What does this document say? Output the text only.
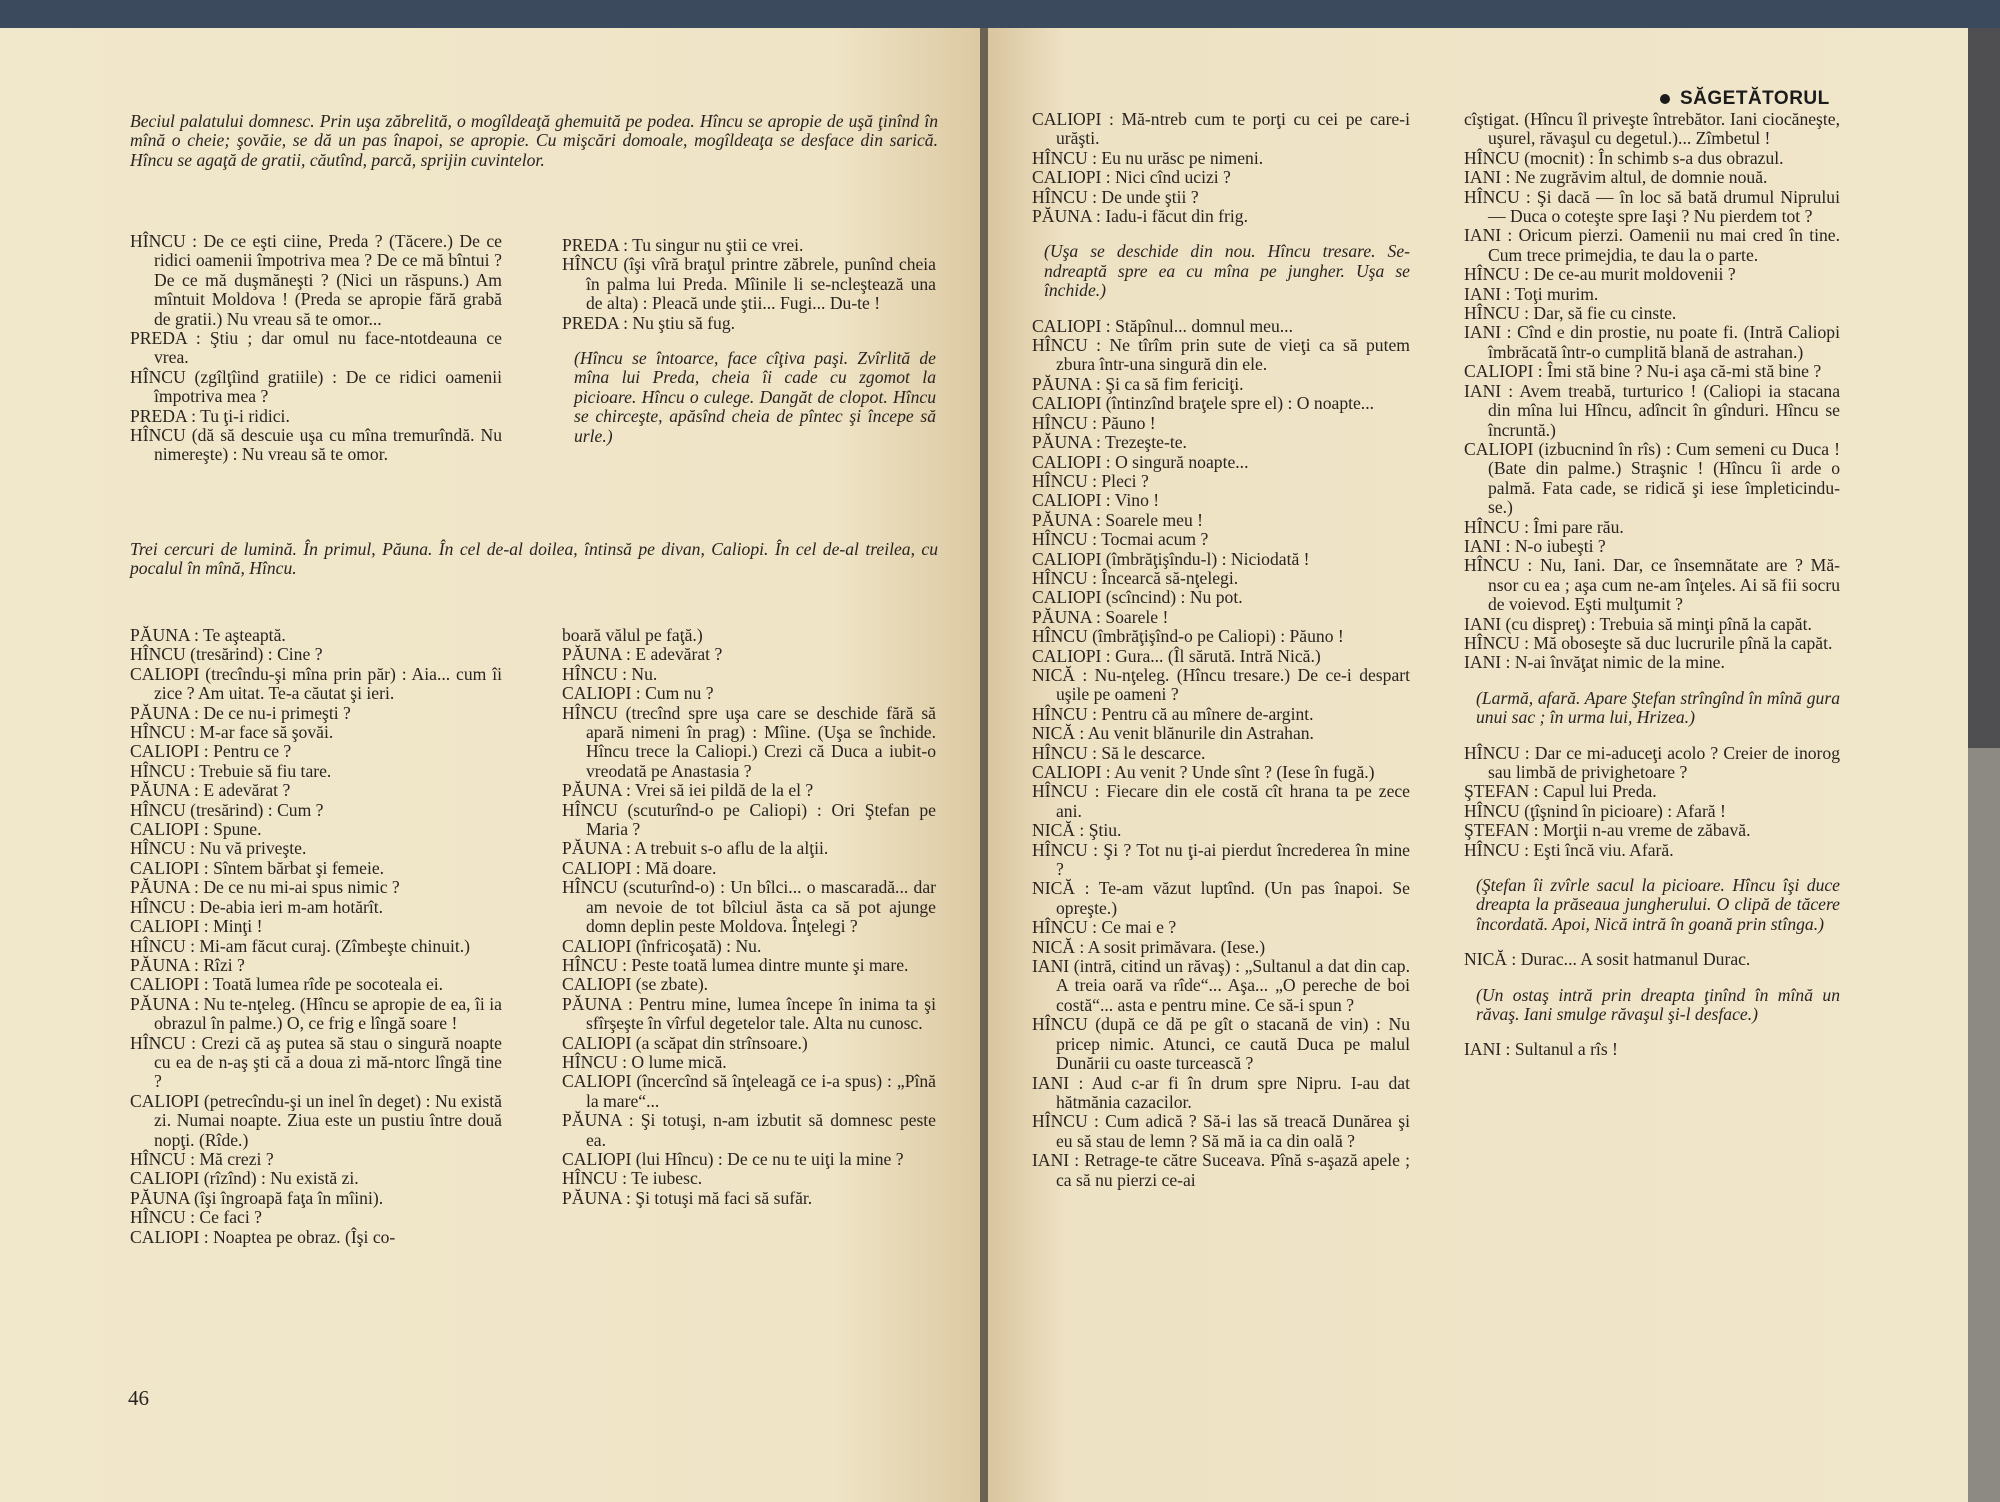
Beciul palatului domnesc. Prin uşa zăbrelită, o mogîldeaţă ghemuită pe podea. Hîncu se apropie de uşă ţinînd în mînă o cheie; şovăie, se dă un pas înapoi, se apropie. Cu mişcări domoale, mogîldeaţa se desface din sarică. Hîncu se agaţă de gratii, căutînd, parcă, sprijin cuvintelor.

HÎNCU : De ce eşti ciine, Preda ? (Tăcere.) De ce ridici oamenii împotriva mea ? De ce mă bîntui ? De ce mă duşmăneşti ? (Nici un răspuns.) Am mîntuit Moldova ! (Preda se apropie fără grabă de gratii.) Nu vreau să te omor...

PREDA : Ştiu ; dar omul nu face-ntotdeauna ce vrea.

HÎNCU (zgîlţîind gratiile) : De ce ridici oamenii împotriva mea ?

PREDA : Tu ţi-i ridici.

HÎNCU (dă să descuie uşa cu mîna tremurîndă. Nu nimereşte) : Nu vreau să te omor.

PREDA : Tu singur nu ştii ce vrei.

HÎNCU (îşi vîră braţul printre zăbrele, punînd cheia în palma lui Preda. Mîinile li se-ncleştează una de alta) : Pleacă unde ştii... Fugi... Du-te !

PREDA : Nu ştiu să fug.

(Hîncu se întoarce, face cîţiva paşi. Zvîrlită de mîna lui Preda, cheia îi cade cu zgomot la picioare. Hîncu o culege. Dangăt de clopot. Hîncu se chirceşte, apăsînd cheia de pîntec şi începe să urle.)

Trei cercuri de lumină. În primul, Păuna. În cel de-al doilea, întinsă pe divan, Caliopi. În cel de-al treilea, cu pocalul în mînă, Hîncu.

PĂUNA : Te aşteaptă.

HÎNCU (tresărind) : Cine ?

CALIOPI (trecîndu-şi mîna prin păr) : Aia... cum îi zice ? Am uitat. Te-a căutat şi ieri.

PĂUNA : De ce nu-i primeşti ?

HÎNCU : M-ar face să şovăi.

CALIOPI : Pentru ce ?

HÎNCU : Trebuie să fiu tare.

PĂUNA : E adevărat ?

HÎNCU (tresărind) : Cum ?

CALIOPI : Spune.

HÎNCU : Nu vă priveşte.

CALIOPI : Sîntem bărbat şi femeie.

PĂUNA : De ce nu mi-ai spus nimic ?

HÎNCU : De-abia ieri m-am hotărît.

CALIOPI : Minţi !

HÎNCU : Mi-am făcut curaj. (Zîmbeşte chinuit.)

PĂUNA : Rîzi ?

CALIOPI : Toată lumea rîde pe socoteala ei.

PĂUNA : Nu te-nţeleg. (Hîncu se apropie de ea, îi ia obrazul în palme.) O, ce frig e lîngă soare !

HÎNCU : Crezi că aş putea să stau o singură noapte cu ea de n-aş şti că a doua zi mă-ntorc lîngă tine ?

CALIOPI (petrecîndu-şi un inel în deget) : Nu există zi. Numai noapte. Ziua este un pustiu între două nopţi. (Rîde.)

HÎNCU : Mă crezi ?

CALIOPI (rîzînd) : Nu există zi.

PĂUNA (îşi îngroapă faţa în mîini).

HÎNCU : Ce faci ?

CALIOPI : Noaptea pe obraz. (Îşi co-

boară vălul pe faţă.)

PĂUNA : E adevărat ?

HÎNCU : Nu.

CALIOPI : Cum nu ?

HÎNCU (trecînd spre uşa care se deschide fără să apară nimeni în prag) : Mîine. (Uşa se închide. Hîncu trece la Caliopi.) Crezi că Duca a iubit-o vreodată pe Anastasia ?

PĂUNA : Vrei să iei pildă de la el ?

HÎNCU (scuturînd-o pe Caliopi) : Ori Ştefan pe Maria ?

PĂUNA : A trebuit s-o aflu de la alţii.

CALIOPI : Mă doare.

HÎNCU (scuturînd-o) : Un bîlci... o mascaradă... dar am nevoie de tot bîlciul ăsta ca să pot ajunge domn deplin peste Moldova. Înţelegi ?

CALIOPI (înfricoşată) : Nu.

HÎNCU : Peste toată lumea dintre munte şi mare.

CALIOPI (se zbate).

PĂUNA : Pentru mine, lumea începe în inima ta şi sfîrşeşte în vîrful degetelor tale. Alta nu cunosc.

CALIOPI (a scăpat din strînsoare.)

HÎNCU : O lume mică.

CALIOPI (încercînd să înţeleagă ce i-a spus) : „Pînă la mare“...

PĂUNA : Şi totuşi, n-am izbutit să domnesc peste ea.

CALIOPI (lui Hîncu) : De ce nu te uiţi la mine ?

HÎNCU : Te iubesc.

PĂUNA : Şi totuşi mă faci să sufăr.

46
SĂGETĂTORUL

CALIOPI : Mă-ntreb cum te porţi cu cei pe care-i urăşti.

HÎNCU : Eu nu urăsc pe nimeni.

CALIOPI : Nici cînd ucizi ?

HÎNCU : De unde ştii ?

PĂUNA : Iadu-i făcut din frig.

(Uşa se deschide din nou. Hîncu tresare. Se-ndreaptă spre ea cu mîna pe jungher. Uşa se închide.)

CALIOPI : Stăpînul... domnul meu...

HÎNCU : Ne tîrîm prin sute de vieţi ca să putem zbura într-una singură din ele.

PĂUNA : Şi ca să fim fericiţi.

CALIOPI (întinzînd braţele spre el) : O noapte...

HÎNCU : Păuno !

PĂUNA : Trezeşte-te.

CALIOPI : O singură noapte...

HÎNCU : Pleci ?

CALIOPI : Vino !

PĂUNA : Soarele meu !

HÎNCU : Tocmai acum ?

CALIOPI (îmbrăţişîndu-l) : Niciodată !

HÎNCU : Încearcă să-nţelegi.

CALIOPI (scîncind) : Nu pot.

PĂUNA : Soarele !

HÎNCU (îmbrăţişînd-o pe Caliopi) : Păuno !

CALIOPI : Gura... (Îl sărută. Intră Nică.)

NICĂ : Nu-nţeleg. (Hîncu tresare.) De ce-i despart uşile pe oameni ?

HÎNCU : Pentru că au mînere de-argint.

NICĂ : Au venit blănurile din Astrahan.

HÎNCU : Să le descarce.

CALIOPI : Au venit ? Unde sînt ? (Iese în fugă.)

HÎNCU : Fiecare din ele costă cît hrana ta pe zece ani.

NICĂ : Ştiu.

HÎNCU : Şi ? Tot nu ţi-ai pierdut încrederea în mine ?

NICĂ : Te-am văzut luptînd. (Un pas înapoi. Se opreşte.)

HÎNCU : Ce mai e ?

NICĂ : A sosit primăvara. (Iese.)

IANI (intră, citind un răvaş) : „Sultanul a dat din cap. A treia oară va rîde“... Aşa... „O pereche de boi costă“... asta e pentru mine. Ce să-i spun ?

HÎNCU (după ce dă pe gît o stacană de vin) : Nu pricep nimic. Atunci, ce caută Duca pe malul Dunării cu oaste turcească ?

IANI : Aud c-ar fi în drum spre Nipru. I-au dat hătmănia cazacilor.

HÎNCU : Cum adică ? Să-i las să treacă Dunărea şi eu să stau de lemn ? Să mă ia ca din oală ?

IANI : Retrage-te către Suceava. Pînă s-aşază apele ; ca să nu pierzi ce-ai

cîştigat. (Hîncu îl priveşte întrebător. Iani ciocăneşte, uşurel, răvaşul cu degetul.)... Zîmbetul !

HÎNCU (mocnit) : În schimb s-a dus obrazul.

IANI : Ne zugrăvim altul, de domnie nouă.

HÎNCU : Şi dacă — în loc să bată drumul Niprului — Duca o coteşte spre Iaşi ? Nu pierdem tot ?

IANI : Oricum pierzi. Oamenii nu mai cred în tine. Cum trece primejdia, te dau la o parte.

HÎNCU : De ce-au murit moldovenii ?

IANI : Toţi murim.

HÎNCU : Dar, să fie cu cinste.

IANI : Cînd e din prostie, nu poate fi. (Intră Caliopi îmbrăcată într-o cumplită blană de astrahan.)

CALIOPI : Îmi stă bine ? Nu-i aşa că-mi stă bine ?

IANI : Avem treabă, turturico ! (Caliopi ia stacana din mîna lui Hîncu, adîncit în gînduri. Hîncu se încruntă.)

CALIOPI (izbucnind în rîs) : Cum semeni cu Duca ! (Bate din palme.) Straşnic ! (Hîncu îi arde o palmă. Fata cade, se ridică şi iese împleticindu-se.)

HÎNCU : Îmi pare rău.

IANI : N-o iubeşti ?

HÎNCU : Nu, Iani. Dar, ce însemnătate are ? Mă-nsor cu ea ; aşa cum ne-am înţeles. Ai să fii socru de voievod. Eşti mulţumit ?

IANI (cu dispreţ) : Trebuia să minţi pînă la capăt.

HÎNCU : Mă oboseşte să duc lucrurile pînă la capăt.

IANI : N-ai învăţat nimic de la mine.

(Larmă, afară. Apare Ştefan strîngînd în mînă gura unui sac ; în urma lui, Hrizea.)

HÎNCU : Dar ce mi-aduceţi acolo ? Creier de inorog sau limbă de privighetoare ?

ŞTEFAN : Capul lui Preda.

HÎNCU (ţîşnind în picioare) : Afară !

ŞTEFAN : Morţii n-au vreme de zăbavă.

HÎNCU : Eşti încă viu. Afară.

(Ştefan îi zvîrle sacul la picioare. Hîncu îşi duce dreapta la prăseaua jungherului. O clipă de tăcere încordată. Apoi, Nică intră în goană prin stînga.)

NICĂ : Durac... A sosit hatmanul Durac.

(Un ostaş intră prin dreapta ţinînd în mînă un răvaş. Iani smulge răvaşul şi-l desface.)

IANI : Sultanul a rîs !
